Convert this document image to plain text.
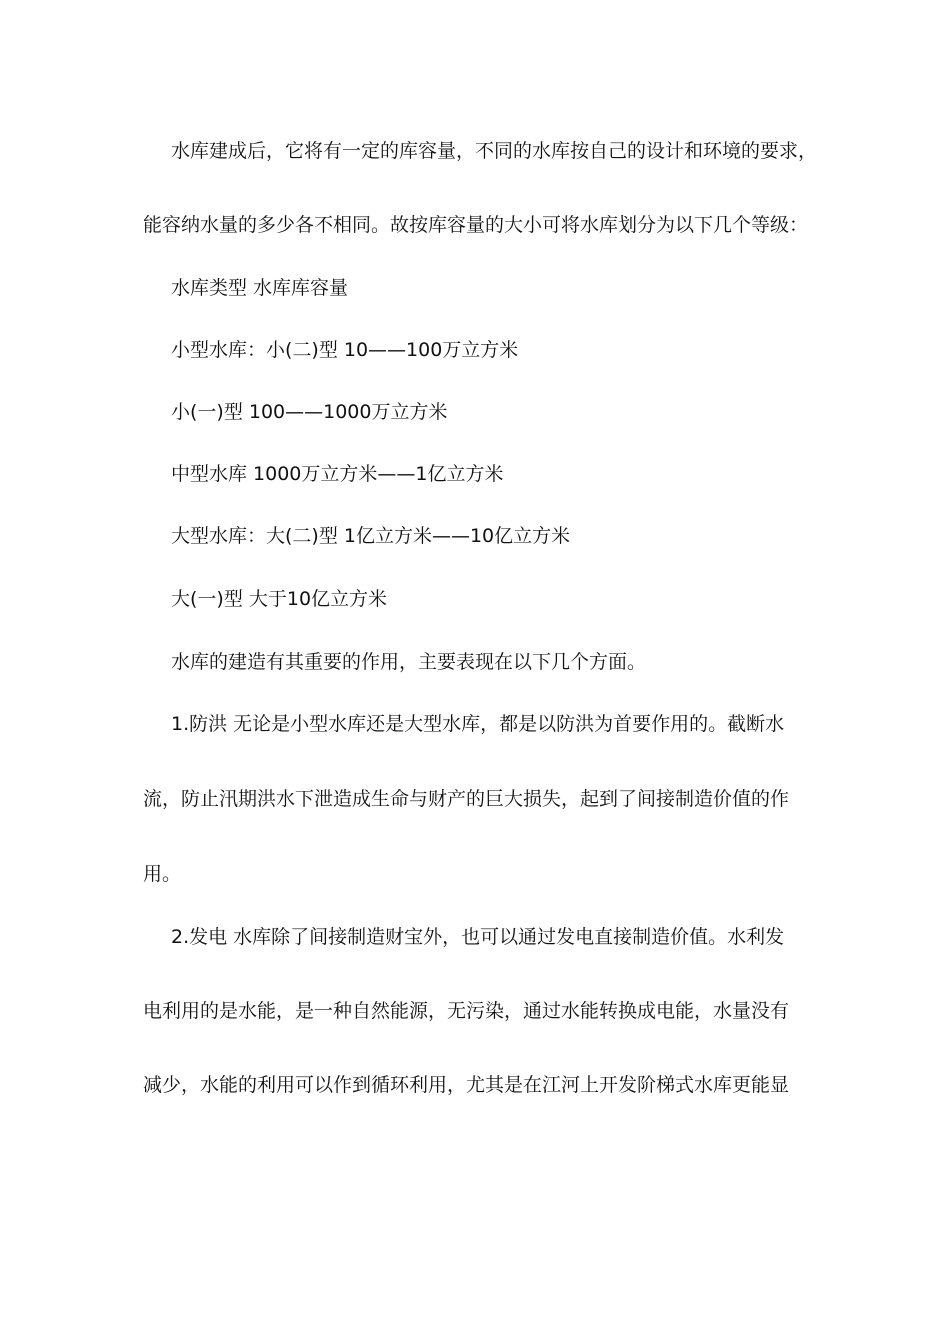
水库建成后，它将有一定的库容量，不同的水库按自己的设计和环境的要求，
能容纳水量的多少各不相同。故按库容量的大小可将水库划分为以下几个等级：
水库类型 水库库容量
小型水库：小(二)型 10——100万立方米
小(一)型 100——1000万立方米
中型水库 1000万立方米——1亿立方米
大型水库：大(二)型 1亿立方米——10亿立方米
大(一)型 大于10亿立方米
水库的建造有其重要的作用，主要表现在以下几个方面。
1.防洪 无论是小型水库还是大型水库，都是以防洪为首要作用的。截断水
流，防止汛期洪水下泄造成生命与财产的巨大损失，起到了间接制造价值的作
用。
2.发电 水库除了间接制造财宝外，也可以通过发电直接制造价值。水利发
电利用的是水能，是一种自然能源，无污染，通过水能转换成电能，水量没有
减少，水能的利用可以作到循环利用，尤其是在江河上开发阶梯式水库更能显
